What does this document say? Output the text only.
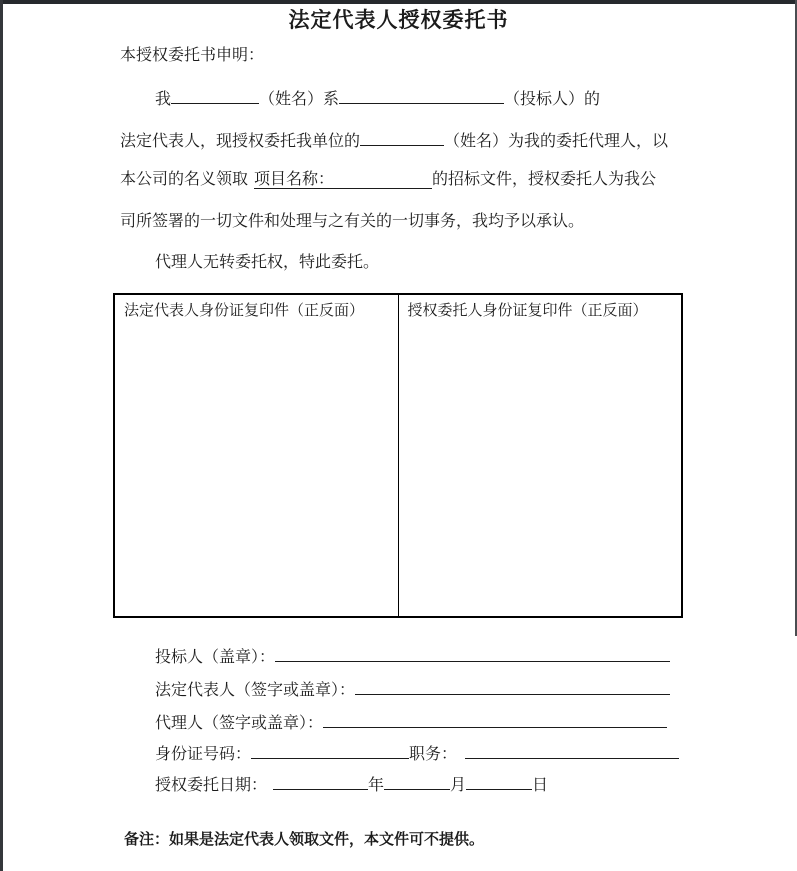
法定代表人授权委托书
本授权委托书申明：
我	（姓名）系	（投标人）的
法定代表人，现授权委托我单位的	（姓名）为我的委托代理人，以
本公司的名义领取 项目名称：	的招标文件，授权委托人为我公
司所签署的一切文件和处理与之有关的一切事务，我均予以承认。
代理人无转委托权，特此委托。
法定代表人身份证复印件（正反面）	授权委托人身份证复印件（正反面）
投标人（盖章）：
法定代表人（签字或盖章）：
代理人（签字或盖章）：
身份证号码：	职务：
授权委托日期：	年	月	日
备注：如果是法定代表人领取文件，本文件可不提供。
